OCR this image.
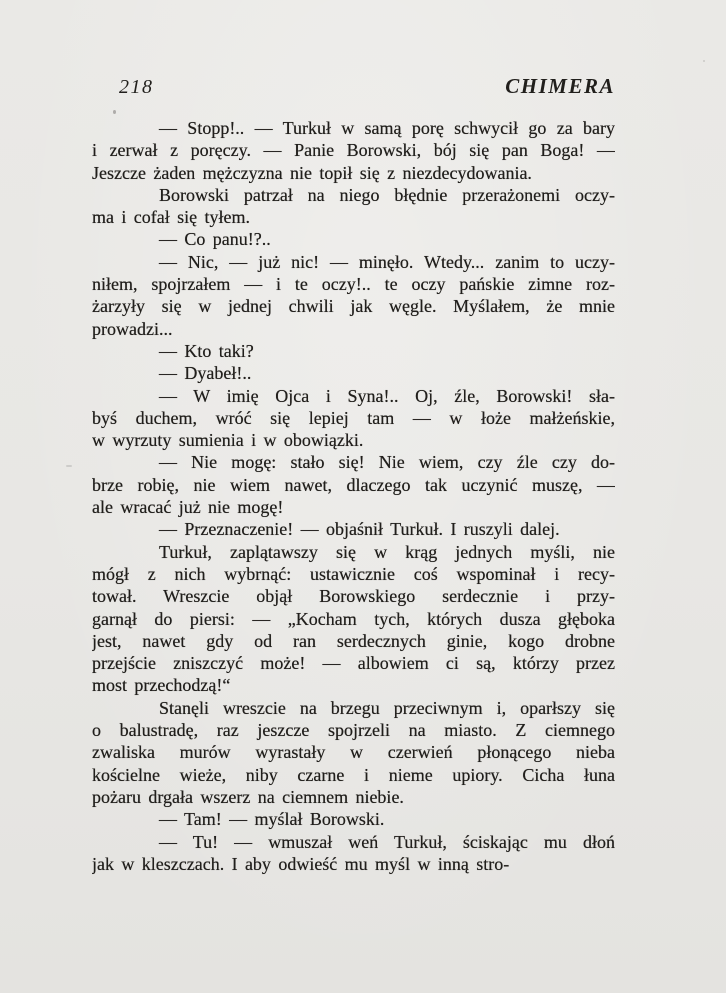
218	CHIMERA
— Stopp!.. — Turkuł w samą porę schwycił go za bary
i zerwał z poręczy. — Panie Borowski, bój się pan Boga! —
Jeszcze żaden mężczyzna nie topił się z niezdecydowania.
Borowski patrzał na niego błędnie przerażonemi oczy-
ma i cofał się tyłem.
— Co panu!?..
— Nic, — już nic! — minęło. Wtedy... zanim to uczy-
niłem, spojrzałem — i te oczy!.. te oczy pańskie zimne roz-
żarzyły się w jednej chwili jak węgle. Myślałem, że mnie
prowadzi...
— Kto taki?
— Dyabeł!..
— W imię Ojca i Syna!.. Oj, źle, Borowski! sła-
byś duchem, wróć się lepiej tam — w łoże małżeńskie,
w wyrzuty sumienia i w obowiązki.
— Nie mogę: stało się! Nie wiem, czy źle czy do-
brze robię, nie wiem nawet, dlaczego tak uczynić muszę, —
ale wracać już nie mogę!
— Przeznaczenie! — objaśnił Turkuł. I ruszyli dalej.
Turkuł, zaplątawszy się w krąg jednych myśli, nie
mógł z nich wybrnąć: ustawicznie coś wspominał i recy-
tował. Wreszcie objął Borowskiego serdecznie i przy-
garnął do piersi: — „Kocham tych, których dusza głęboka
jest, nawet gdy od ran serdecznych ginie, kogo drobne
przejście zniszczyć może! — albowiem ci są, którzy przez
most przechodzą!“
Stanęli wreszcie na brzegu przeciwnym i, oparłszy się
o balustradę, raz jeszcze spojrzeli na miasto. Z ciemnego
zwaliska murów wyrastały w czerwień płonącego nieba
kościelne wieże, niby czarne i nieme upiory. Cicha łuna
pożaru drgała wszerz na ciemnem niebie.
— Tam! — myślał Borowski.
— Tu! — wmuszał weń Turkuł, ściskając mu dłoń
jak w kleszczach. I aby odwieść mu myśl w inną stro-
